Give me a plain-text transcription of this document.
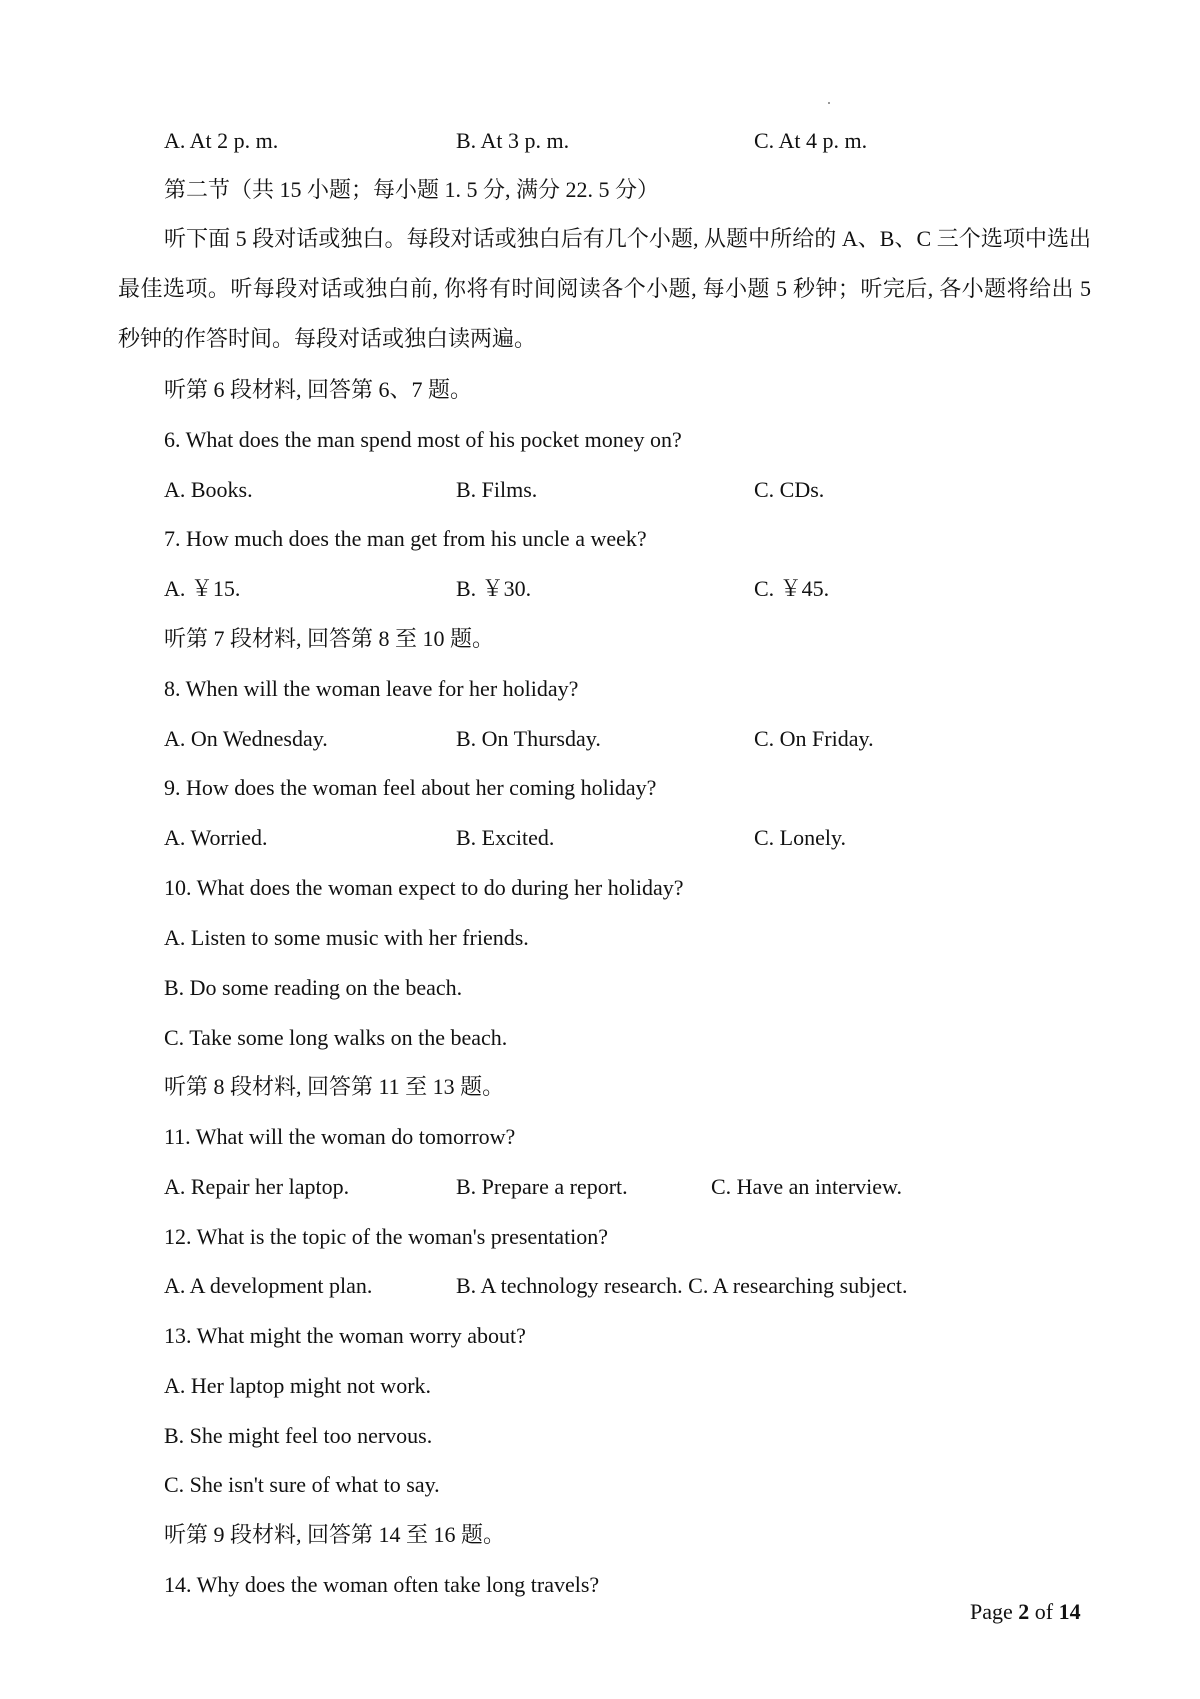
A. At 2 p. m.	B. At 3 p. m.	C. At 4 p. m.
第二节（共 15 小题；每小题 1. 5 分, 满分 22. 5 分）
听下面 5 段对话或独白。每段对话或独白后有几个小题, 从题中所给的 A、B、C 三个选项中选出最佳选项。听每段对话或独白前, 你将有时间阅读各个小题, 每小题 5 秒钟；听完后, 各小题将给出 5 秒钟的作答时间。每段对话或独白读两遍。
听第 6 段材料, 回答第 6、7 题。
6. What does the man spend most of his pocket money on?
A. Books.	B. Films.	C. CDs.
7. How much does the man get from his uncle a week?
A. ￥15.	B. ￥30.	C. ￥45.
听第 7 段材料, 回答第 8 至 10 题。
8. When will the woman leave for her holiday?
A. On Wednesday.	B. On Thursday.	C. On Friday.
9. How does the woman feel about her coming holiday?
A. Worried.	B. Excited.	C. Lonely.
10. What does the woman expect to do during her holiday?
A. Listen to some music with her friends.
B. Do some reading on the beach.
C. Take some long walks on the beach.
听第 8 段材料, 回答第 11 至 13 题。
11. What will the woman do tomorrow?
A. Repair her laptop.	B. Prepare a report.	C. Have an interview.
12. What is the topic of the woman's presentation?
A. A development plan.	B. A technology research. C. A researching subject.
13. What might the woman worry about?
A. Her laptop might not work.
B. She might feel too nervous.
C. She isn't sure of what to say.
听第 9 段材料, 回答第 14 至 16 题。
14. Why does the woman often take long travels?
Page 2 of 14
